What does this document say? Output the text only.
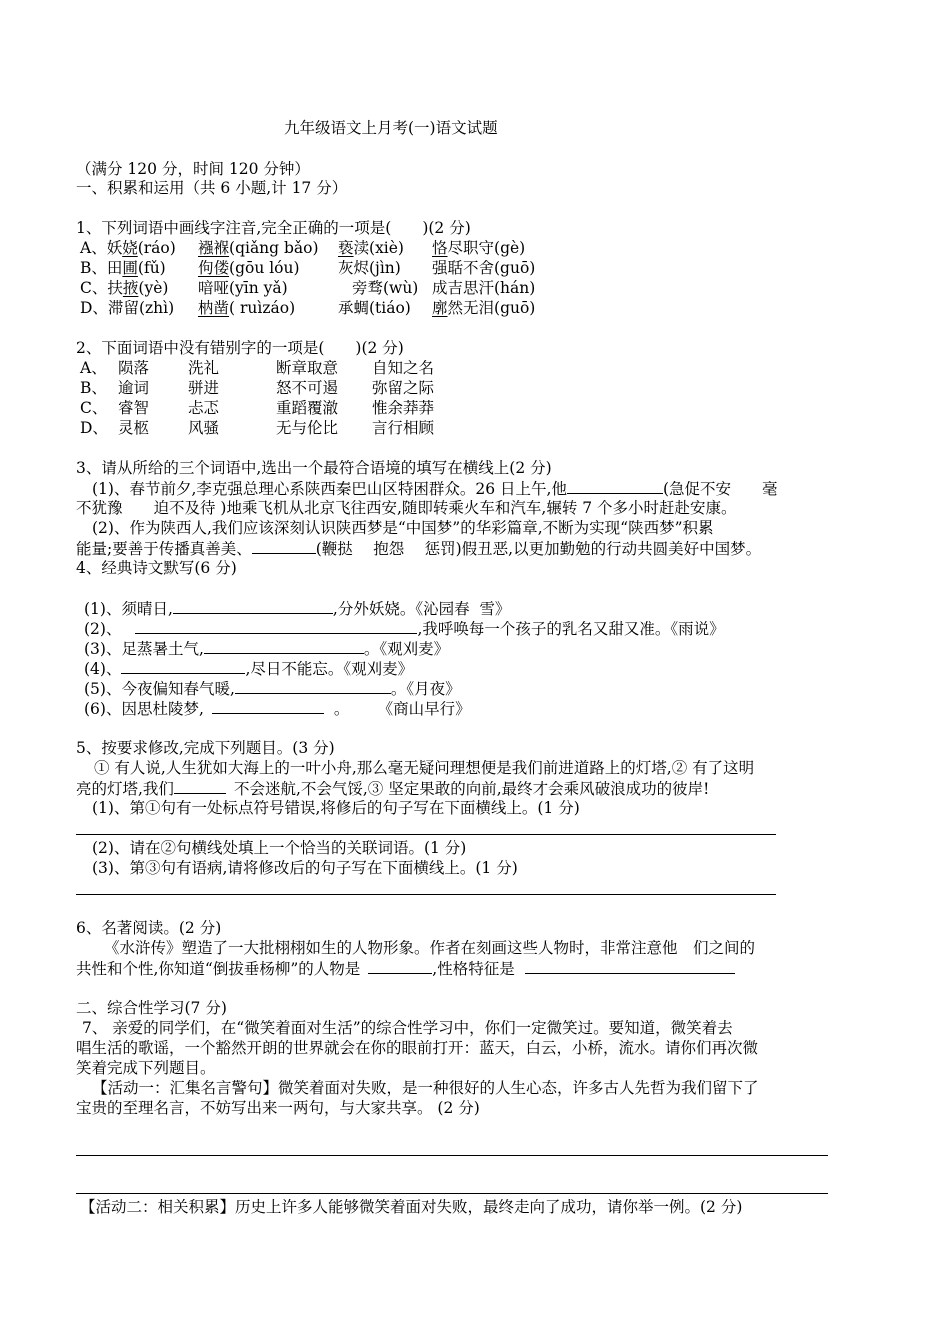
九年级语文上月考(一)语文试题
（满分 120 分，时间 120 分钟）
一、积累和运用（共 6 小题,计 17 分）
1、下列词语中画线字注音,完全正确的一项是(　　)(2 分)
A、妖娆(ráo) 襁褓(qiǎng bǎo) 亵渎(xiè) 恪尽职守(gè)
B、田圃(fǔ) 佝偻(gōu lóu) 灰烬(jìn) 强聒不舍(guō)
C、扶掖(yè) 喑哑(yīn yǎ)	旁骛(wù) 成吉思汗(hán)
D、滞留(zhì) 枘凿( ruìzáo)	承蜩(tiáo) 廓然无泪(guō)
2、下面词语中没有错别字的一项是(　　)(2 分)
A、 陨落	洗礼	断章取意 自知之名
B、 逾词	骈进	怒不可遏 弥留之际
C、 睿智	忐忑	重蹈覆澈 惟余莽莽
D、 灵柩	风骚	无与伦比 言行相顾
3、请从所给的三个词语中,选出一个最符合语境的填写在横线上(2 分)
(1)、春节前夕,李克强总理心系陕西秦巴山区特困群众。26 日上午,他	(急促不安　　毫
不犹豫　　迫不及待 )地乘飞机从北京飞往西安,随即转乘火车和汽车,辗转 7 个多小时赶赴安康。
(2)、作为陕西人,我们应该深刻认识陕西梦是“中国梦”的华彩篇章,不断为实现“陕西梦”积累
能量;要善于传播真善美、	(鞭挞　 抱怨　 惩罚)假丑恶,以更加勤勉的行动共圆美好中国梦。
4、经典诗文默写(6 分)
(1)、须晴日,	,分外妖娆。《沁园春  雪》
(2)、	,我呼唤每一个孩子的乳名又甜又准。《雨说》
(3)、足蒸暑土气,	。《观刈麦》
(4)、	,尽日不能忘。《观刈麦》
(5)、今夜偏知春气暖,	。《月夜》
(6)、因思杜陵梦,	。　　 《商山早行》
5、按要求修改,完成下列题目。(3 分)
① 有人说,人生犹如大海上的一叶小舟,那么毫无疑问理想便是我们前进道路上的灯塔,② 有了这明
亮的灯塔,我们	不会迷航,不会气馁,③ 坚定果敢的向前,最终才会乘风破浪成功的彼岸!
(1)、第①句有一处标点符号错误,将修后的句子写在下面横线上。(1 分)
(2)、请在②句横线处填上一个恰当的关联词语。(1 分)
(3)、第③句有语病,请将修改后的句子写在下面横线上。(1 分)
6、名著阅读。(2 分)
《水浒传》塑造了一大批栩栩如生的人物形象。作者在刻画这些人物时，非常注意他　们之间的
共性和个性,你知道“倒拔垂杨柳”的人物是	,性格特征是
二、综合性学习(7 分)
7、 亲爱的同学们，在“微笑着面对生活”的综合性学习中，你们一定微笑过。要知道，微笑着去
唱生活的歌谣，一个豁然开朗的世界就会在你的眼前打开：蓝天，白云，小桥，流水。请你们再次微
笑着完成下列题目。
【活动一：汇集名言警句】微笑着面对失败，是一种很好的人生心态，许多古人先哲为我们留下了
宝贵的至理名言，不妨写出来一两句，与大家共享。 (2 分)
【活动二：相关积累】历史上许多人能够微笑着面对失败，最终走向了成功，请你举一例。(2 分)
